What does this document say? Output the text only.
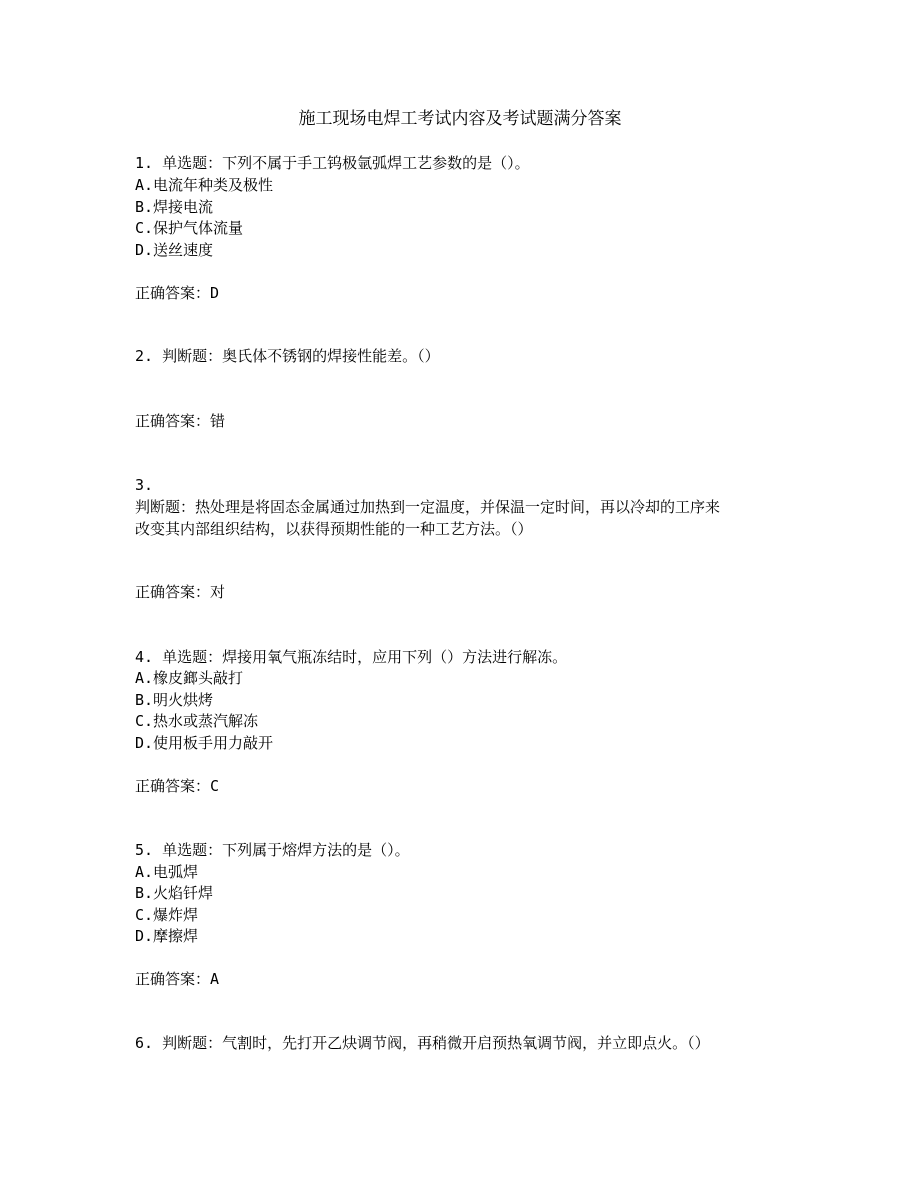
施工现场电焊工考试内容及考试题满分答案
1. 单选题：下列不属于手工钨极氩弧焊工艺参数的是（）。
A.电流年种类及极性
B.焊接电流
C.保护气体流量
D.送丝速度
正确答案：D
2. 判断题：奥氏体不锈钢的焊接性能差。（）
正确答案：错
3.
判断题：热处理是将固态金属通过加热到一定温度，并保温一定时间，再以冷却的工序来
改变其内部组织结构，以获得预期性能的一种工艺方法。（）
正确答案：对
4. 单选题：焊接用氧气瓶冻结时，应用下列（）方法进行解冻。
A.橡皮鎯头敲打
B.明火烘烤
C.热水或蒸汽解冻
D.使用板手用力敲开
正确答案：C
5. 单选题：下列属于熔焊方法的是（）。
A.电弧焊
B.火焰钎焊
C.爆炸焊
D.摩擦焊
正确答案：A
6. 判断题：气割时，先打开乙炔调节阀，再稍微开启预热氧调节阀，并立即点火。（）
